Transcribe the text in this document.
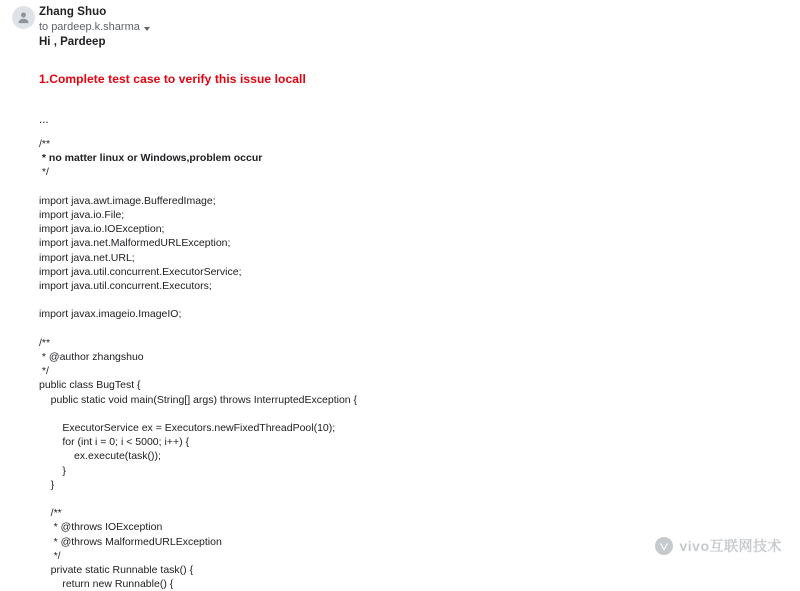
Zhang Shuo
to pardeep.k.sharma

Hi , Pardeep

1.Complete test case to verify this issue locall

...

/**
* no matter linux or Windows,problem occur
*/

import java.awt.image.BufferedImage;
import java.io.File;
import java.io.IOException;
import java.net.MalformedURLException;
import java.net.URL;
import java.util.concurrent.ExecutorService;
import java.util.concurrent.Executors;

import javax.imageio.ImageIO;

/**
* @author zhangshuo
*/
public class BugTest {
public static void main(String[] args) throws InterruptedException {

ExecutorService ex = Executors.newFixedThreadPool(10);
for (int i = 0; i < 5000; i++) {
ex.execute(task());
}
}

/**
* @throws IOException
* @throws MalformedURLException
*/
private static Runnable task() {
return new Runnable() {
vivo互联网技术
